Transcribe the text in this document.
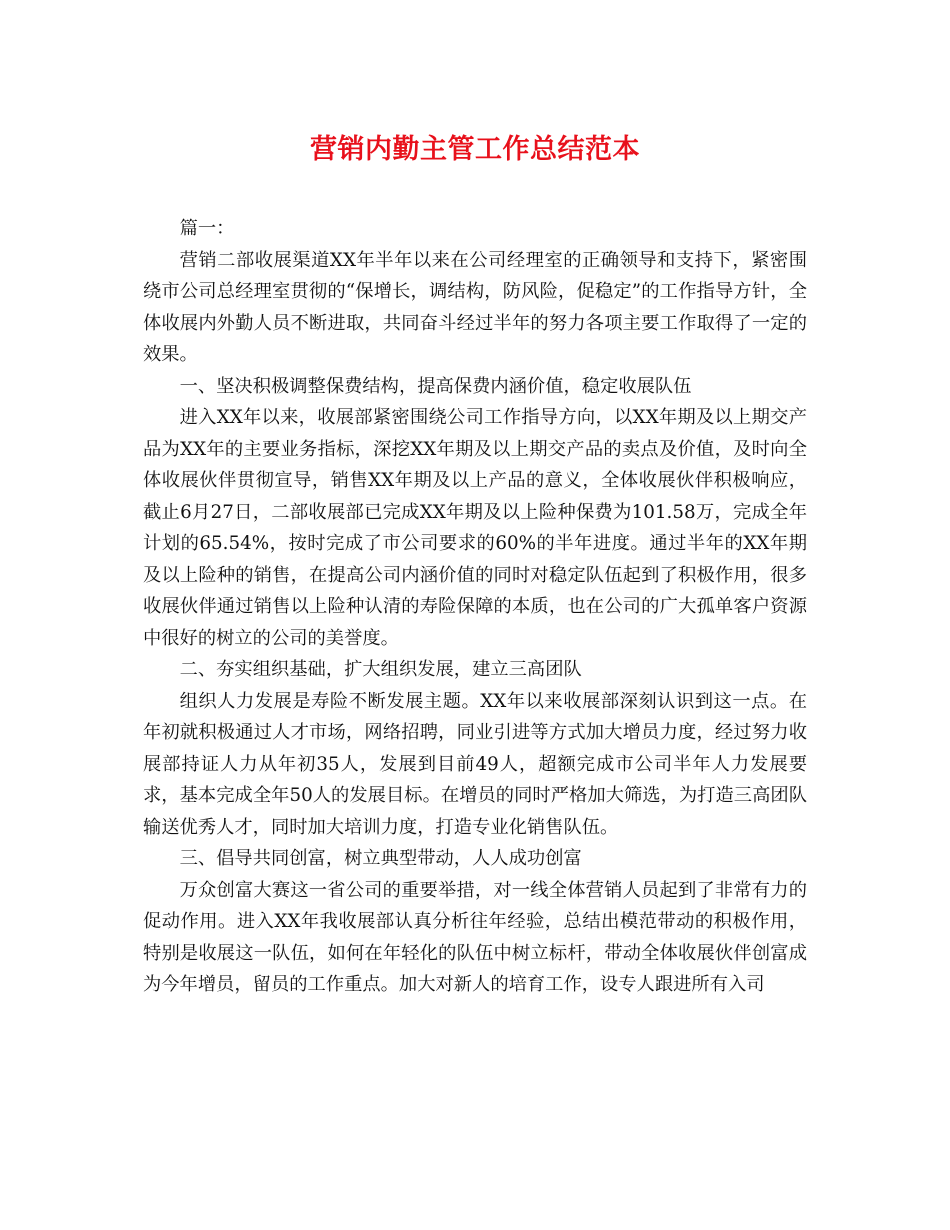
营销内勤主管工作总结范本

篇一：

营销二部收展渠道XX年半年以来在公司经理室的正确领导和支持下，紧密围绕市公司总经理室贯彻的“保增长，调结构，防风险，促稳定”的工作指导方针，全体收展内外勤人员不断进取，共同奋斗经过半年的努力各项主要工作取得了一定的效果。

一、坚决积极调整保费结构，提高保费内涵价值，稳定收展队伍

进入XX年以来，收展部紧密围绕公司工作指导方向，以XX年期及以上期交产品为XX年的主要业务指标，深挖XX年期及以上期交产品的卖点及价值，及时向全体收展伙伴贯彻宣导，销售XX年期及以上产品的意义，全体收展伙伴积极响应，截止6月27日，二部收展部已完成XX年期及以上险种保费为101.58万，完成全年计划的65.54%，按时完成了市公司要求的60%的半年进度。通过半年的XX年期及以上险种的销售，在提高公司内涵价值的同时对稳定队伍起到了积极作用，很多收展伙伴通过销售以上险种认清的寿险保障的本质，也在公司的广大孤单客户资源中很好的树立的公司的美誉度。

二、夯实组织基础，扩大组织发展，建立三高团队

组织人力发展是寿险不断发展主题。XX年以来收展部深刻认识到这一点。在年初就积极通过人才市场，网络招聘，同业引进等方式加大增员力度，经过努力收展部持证人力从年初35人，发展到目前49人，超额完成市公司半年人力发展要求，基本完成全年50人的发展目标。在增员的同时严格加大筛选，为打造三高团队输送优秀人才，同时加大培训力度，打造专业化销售队伍。

三、倡导共同创富，树立典型带动，人人成功创富

万众创富大赛这一省公司的重要举措，对一线全体营销人员起到了非常有力的促动作用。进入XX年我收展部认真分析往年经验，总结出模范带动的积极作用，特别是收展这一队伍，如何在年轻化的队伍中树立标杆，带动全体收展伙伴创富成为今年增员，留员的工作重点。加大对新人的培育工作，设专人跟进所有入司
